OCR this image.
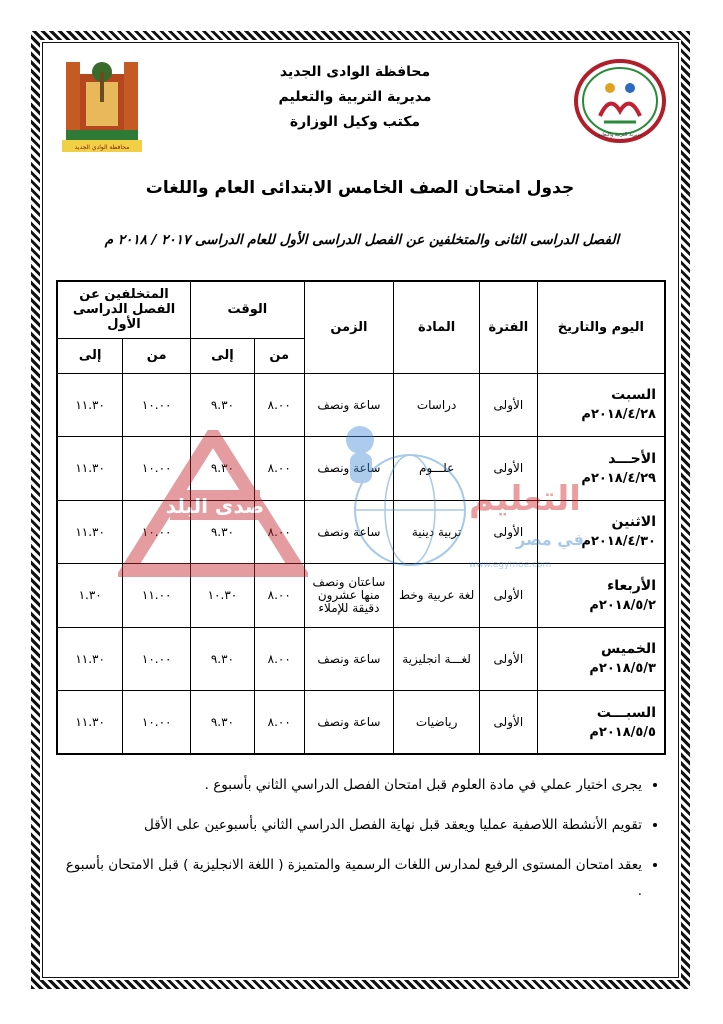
محافظة الوادي الجديد
مديرية التربية والتعليم
محافظة الوادى الجديد
مديرية التربية والتعليم
مكتب وكيل الوزارة
جدول امتحان الصف الخامس الابتدائى العام واللغات
الفصل الدراسى الثانى والمتخلفين عن الفصل الدراسى الأول للعام الدراسى ٢٠١٧ / ٢٠١٨ م
اليوم والتاريخ	الفترة	المادة	الزمن	الوقت		المتخلفين عن الفصل الدراسى الأول	
				من	إلى	من	إلى

السبت
٢٠١٨/٤/٢٨م	الأولى	دراسات	ساعة ونصف	٨.٠٠	٩.٣٠	١٠.٠٠	١١.٣٠

الأحـــد
٢٠١٨/٤/٢٩م	الأولى	علـــوم	ساعة ونصف	٨.٠٠	٩.٣٠	١٠.٠٠	١١.٣٠

الاثنين
٢٠١٨/٤/٣٠م	الأولى	تربية دينية	ساعة ونصف	٨.٠٠	٩.٣٠	١٠.٠٠	١١.٣٠

الأربعاء
٢٠١٨/٥/٢م	الأولى	لغة عربية وخط	ساعتان ونصف منها عشرون دقيقة للإملاء	٨.٠٠	١٠.٣٠	١١.٠٠	١.٣٠

الخميس
٢٠١٨/٥/٣م	الأولى	لغـــة انجليزية	ساعة ونصف	٨.٠٠	٩.٣٠	١٠.٠٠	١١.٣٠

السبـــت
٢٠١٨/٥/٥م	الأولى	رياضيات	ساعة ونصف	٨.٠٠	٩.٣٠	١٠.٠٠	١١.٣٠
صدى البلد	التعليم
في مصر
www.egymoe.com
• يجرى اختيار عملي في مادة العلوم قبل امتحان الفصل الدراسي الثاني بأسبوع .
• تقويم الأنشطة اللاصفية عمليا ويعقد قبل نهاية الفصل الدراسي الثاني بأسبوعين على الأقل
• يعقد امتحان المستوى الرفيع لمدارس اللغات الرسمية والمتميزة ( اللغة الانجليزية ) قبل الامتحان بأسبوع .
